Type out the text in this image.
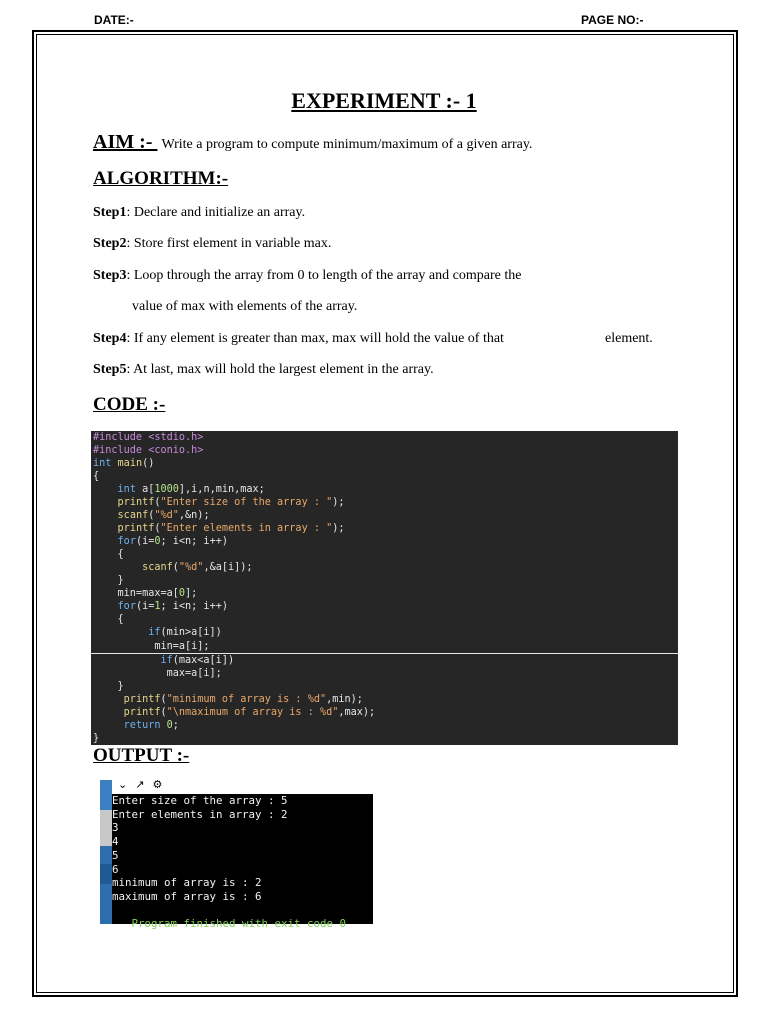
DATE:-	PAGE NO:-
EXPERIMENT :- 1
AIM :- Write a program to compute minimum/maximum of a given array.
ALGORITHM:-
Step1: Declare and initialize an array.
Step2: Store first element in variable max.
Step3: Loop through the array from 0 to length of the array and compare the
value of max with elements of the array.
Step4: If any element is greater than max, max will hold the value of that	element.
Step5: At last, max will hold the largest element in the array.
CODE :-
#include <stdio.h>
#include <conio.h>
int main()
{
int a[1000],i,n,min,max;
printf("Enter size of the array : ");
scanf("%d",&n);
printf("Enter elements in array : ");
for(i=0; i<n; i++)
{
scanf("%d",&a[i]);
}
min=max=a[0];
for(i=1; i<n; i++)
{
if(min>a[i])
min=a[i];
if(max<a[i])
max=a[i];
}
printf("minimum of array is : %d",min);
printf("\nmaximum of array is : %d",max);
return 0;
}
OUTPUT :-
⌄ ↗ ⚙
Enter size of the array : 5
Enter elements in array : 2
3
4
5
6
minimum of array is : 2
maximum of array is : 6
Program finished with exit code 0
